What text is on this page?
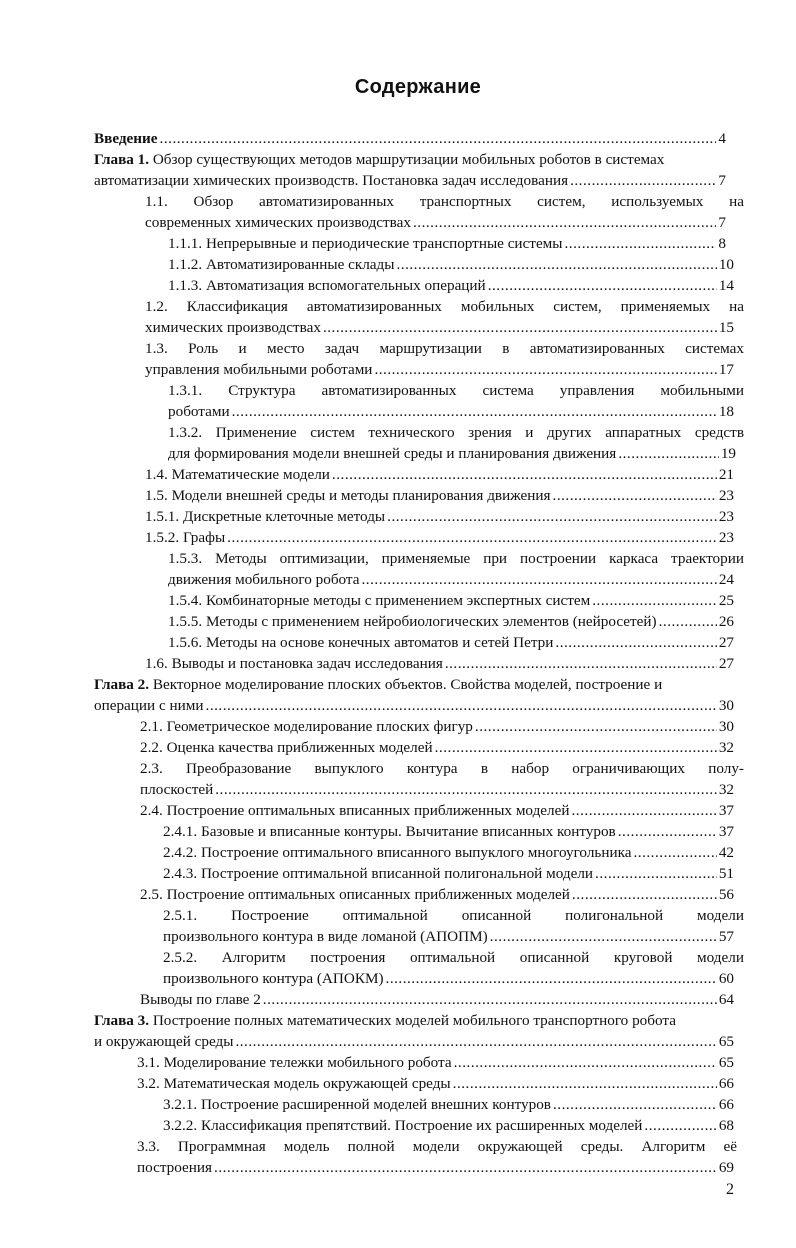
Содержание
Введение .....	4
Глава 1. Обзор существующих методов маршрутизации мобильных роботов в системах
автоматизации химических производств. Постановка задач исследования .....	7
1.1. Обзор автоматизированных транспортных систем, используемых на
современных химических производствах .....	7
1.1.1. Непрерывные и периодические транспортные системы .....	8
1.1.2. Автоматизированные склады .....	10
1.1.3. Автоматизация вспомогательных операций .....	14
1.2. Классификация автоматизированных мобильных систем, применяемых на
химических производствах .....	15
1.3. Роль и место задач маршрутизации в автоматизированных системах
управления мобильными роботами .....	17
1.3.1. Структура автоматизированных система управления мобильными
роботами .....	18
1.3.2. Применение систем технического зрения и других аппаратных средств
для формирования модели внешней среды и планирования движения .....	19
1.4. Математические модели .....	21
1.5. Модели внешней среды и методы планирования движения .....	23
1.5.1. Дискретные клеточные методы .....	23
1.5.2. Графы .....	23
1.5.3. Методы оптимизации, применяемые при построении каркаса траектории
движения мобильного робота .....	24
1.5.4. Комбинаторные методы с применением экспертных систем .....	25
1.5.5. Методы с применением нейробиологических элементов (нейросетей) .....	26
1.5.6. Методы на основе конечных автоматов и сетей Петри .....	27
1.6. Выводы и постановка задач исследования .....	27
Глава 2. Векторное моделирование плоских объектов. Свойства моделей, построение и
операции с ними .....	30
2.1. Геометрическое моделирование плоских фигур .....	30
2.2. Оценка качества приближенных моделей .....	32
2.3. Преобразование выпуклого контура в набор ограничивающих полу-
плоскостей .....	32
2.4. Построение оптимальных вписанных приближенных моделей .....	37
2.4.1. Базовые и вписанные контуры. Вычитание вписанных контуров .....	37
2.4.2. Построение оптимального вписанного выпуклого многоугольника .....	42
2.4.3. Построение оптимальной вписанной полигональной модели .....	51
2.5. Построение оптимальных описанных приближенных моделей .....	56
2.5.1. Построение оптимальной описанной полигональной модели
произвольного контура в виде ломаной (АПОПМ) .....	57
2.5.2. Алгоритм построения оптимальной описанной круговой модели
произвольного контура (АПОКМ) .....	60
Выводы по главе 2 .....	64
Глава 3. Построение полных математических моделей мобильного транспортного робота
и окружающей среды .....	65
3.1. Моделирование тележки мобильного робота .....	65
3.2. Математическая модель окружающей среды .....	66
3.2.1. Построение расширенной моделей внешних контуров .....	66
3.2.2. Классификация препятствий. Построение их расширенных моделей .....	68
3.3. Программная модель полной модели окружающей среды. Алгоритм её
построения .....	69
2
